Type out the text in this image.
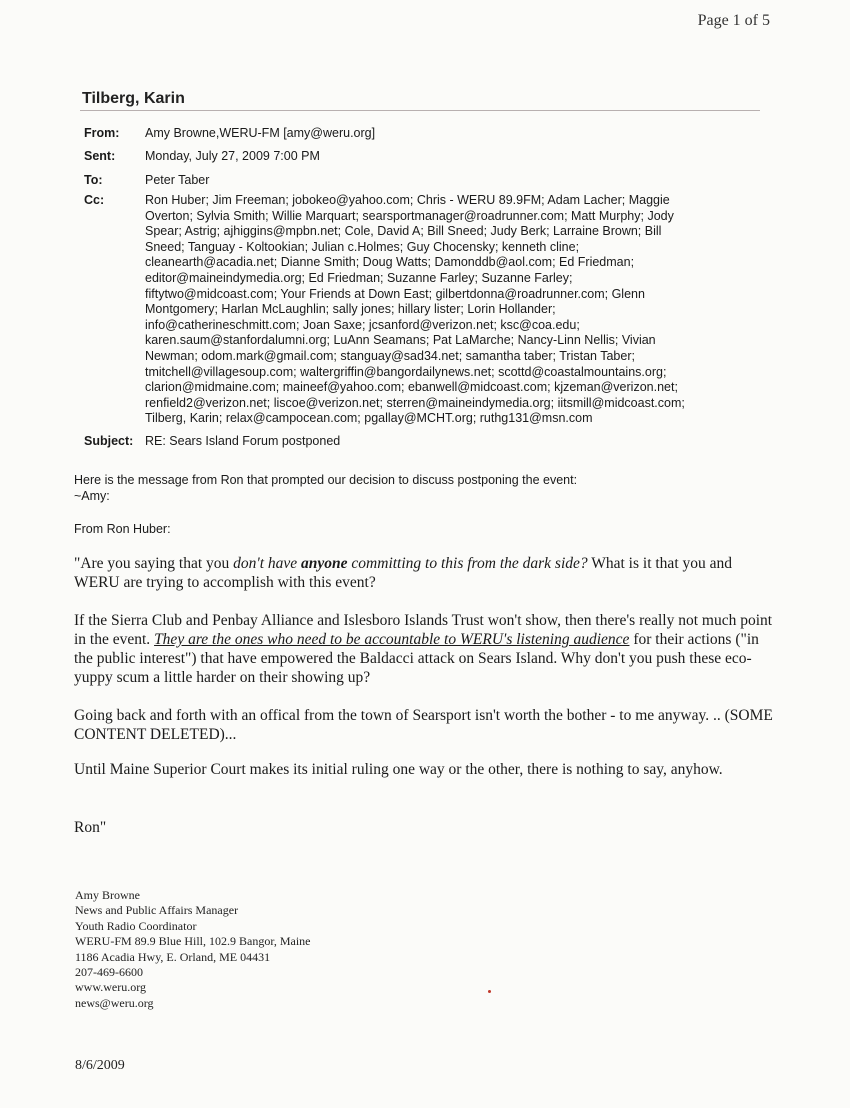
Page 1 of 5
Tilberg, Karin
From:	Amy Browne,WERU-FM [amy@weru.org]
Sent:	Monday, July 27, 2009 7:00 PM
To:	Peter Taber
Cc:	Ron Huber; Jim Freeman; jobokeo@yahoo.com; Chris - WERU 89.9FM; Adam Lacher; Maggie
Overton; Sylvia Smith; Willie Marquart; searsportmanager@roadrunner.com; Matt Murphy; Jody
Spear; Astrig; ajhiggins@mpbn.net; Cole, David A; Bill Sneed; Judy Berk; Larraine Brown; Bill
Sneed; Tanguay - Koltookian; Julian c.Holmes; Guy Chocensky; kenneth cline;
cleanearth@acadia.net; Dianne Smith; Doug Watts; Damonddb@aol.com; Ed Friedman;
editor@maineindymedia.org; Ed Friedman; Suzanne Farley; Suzanne Farley;
fiftytwo@midcoast.com; Your Friends at Down East; gilbertdonna@roadrunner.com; Glenn
Montgomery; Harlan McLaughlin; sally jones; hillary lister; Lorin Hollander;
info@catherineschmitt.com; Joan Saxe; jcsanford@verizon.net; ksc@coa.edu;
karen.saum@stanfordalumni.org; LuAnn Seamans; Pat LaMarche; Nancy-Linn Nellis; Vivian
Newman; odom.mark@gmail.com; stanguay@sad34.net; samantha taber; Tristan Taber;
tmitchell@villagesoup.com; waltergriffin@bangordailynews.net; scottd@coastalmountains.org;
clarion@midmaine.com; maineef@yahoo.com; ebanwell@midcoast.com; kjzeman@verizon.net;
renfield2@verizon.net; liscoe@verizon.net; sterren@maineindymedia.org; iitsmill@midcoast.com;
Tilberg, Karin; relax@campocean.com; pgallay@MCHT.org; ruthg131@msn.com
Subject: RE: Sears Island Forum postponed
Here is the message from Ron that prompted our decision to discuss postponing the event:
~Amy:
From Ron Huber:

"Are you saying that you don't have anyone committing to this from the dark side? What is it that you and WERU are trying to accomplish with this event?

If the Sierra Club and Penbay Alliance and Islesboro Islands Trust won't show, then there's really not much point in the event. They are the ones who need to be accountable to WERU's listening audience for their actions ("in the public interest") that have empowered the Baldacci attack on Sears Island. Why don't you push these eco-yuppy scum a little harder on their showing up?

Going back and forth with an offical from the town of Searsport isn't worth the bother - to me anyway. .. (SOME CONTENT DELETED)...

Until Maine Superior Court makes its initial ruling one way or the other, there is nothing to say, anyhow.

Ron"
Amy Browne
News and Public Affairs Manager
Youth Radio Coordinator
WERU-FM 89.9 Blue Hill, 102.9 Bangor, Maine
1186 Acadia Hwy, E. Orland, ME 04431
207-469-6600
www.weru.org
news@weru.org
8/6/2009
